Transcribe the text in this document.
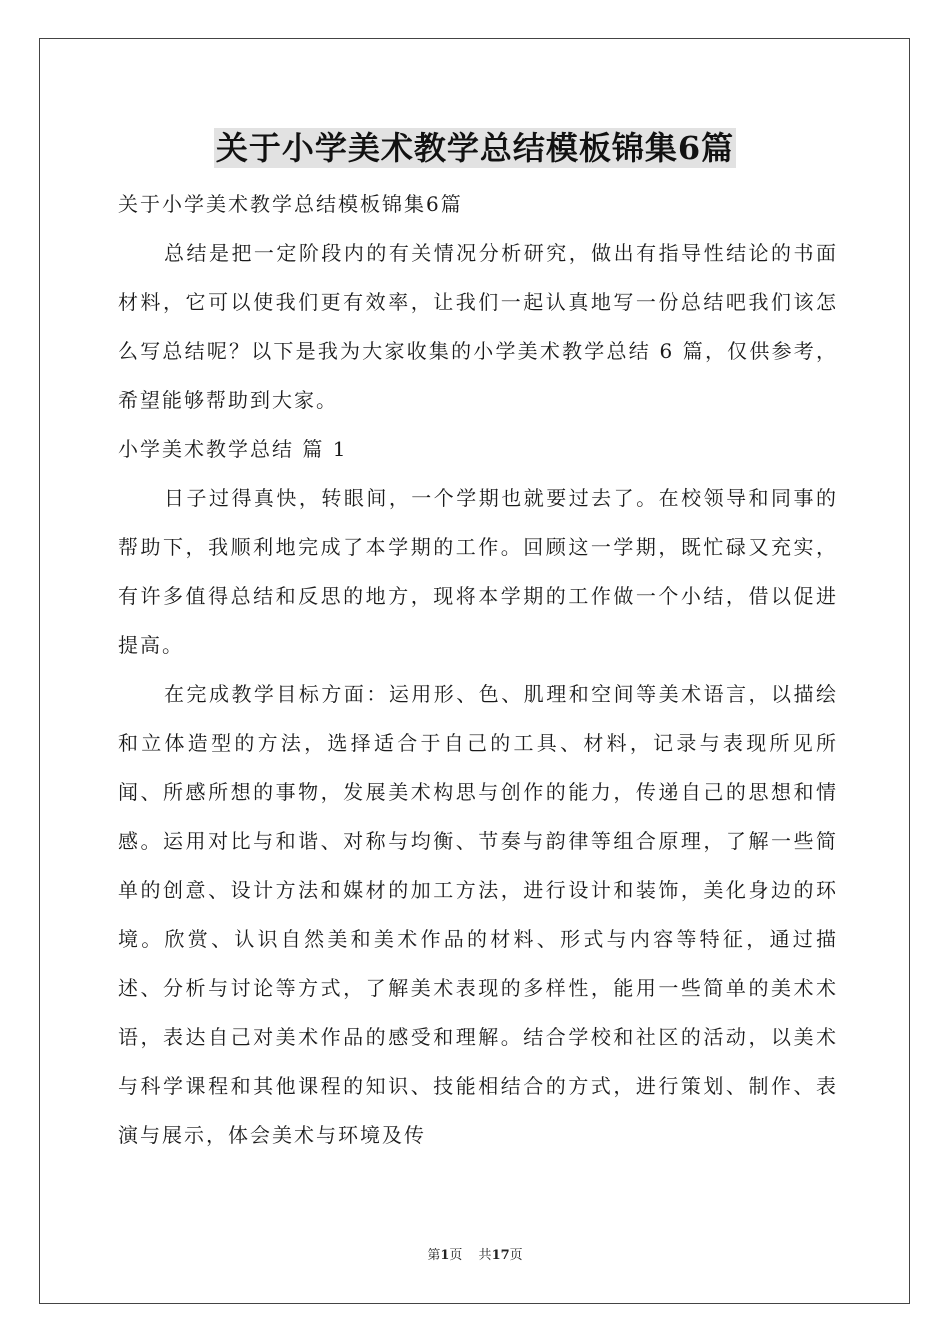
关于小学美术教学总结模板锦集6篇

关于小学美术教学总结模板锦集6篇

总结是把一定阶段内的有关情况分析研究，做出有指导性结论的书面材料，它可以使我们更有效率，让我们一起认真地写一份总结吧我们该怎么写总结呢？以下是我为大家收集的小学美术教学总结 6 篇，仅供参考，希望能够帮助到大家。

小学美术教学总结 篇 1

日子过得真快，转眼间，一个学期也就要过去了。在校领导和同事的帮助下，我顺利地完成了本学期的工作。回顾这一学期，既忙碌又充实，有许多值得总结和反思的地方，现将本学期的工作做一个小结，借以促进提高。

在完成教学目标方面：运用形、色、肌理和空间等美术语言，以描绘和立体造型的方法，选择适合于自己的工具、材料，记录与表现所见所闻、所感所想的事物，发展美术构思与创作的能力，传递自己的思想和情感。运用对比与和谐、对称与均衡、节奏与韵律等组合原理，了解一些简单的创意、设计方法和媒材的加工方法，进行设计和装饰，美化身边的环境。欣赏、认识自然美和美术作品的材料、形式与内容等特征，通过描述、分析与讨论等方式，了解美术表现的多样性，能用一些简单的美术术语，表达自己对美术作品的感受和理解。结合学校和社区的活动，以美术与科学课程和其他课程的知识、技能相结合的方式，进行策划、制作、表演与展示，体会美术与环境及传

第1页 共17页
